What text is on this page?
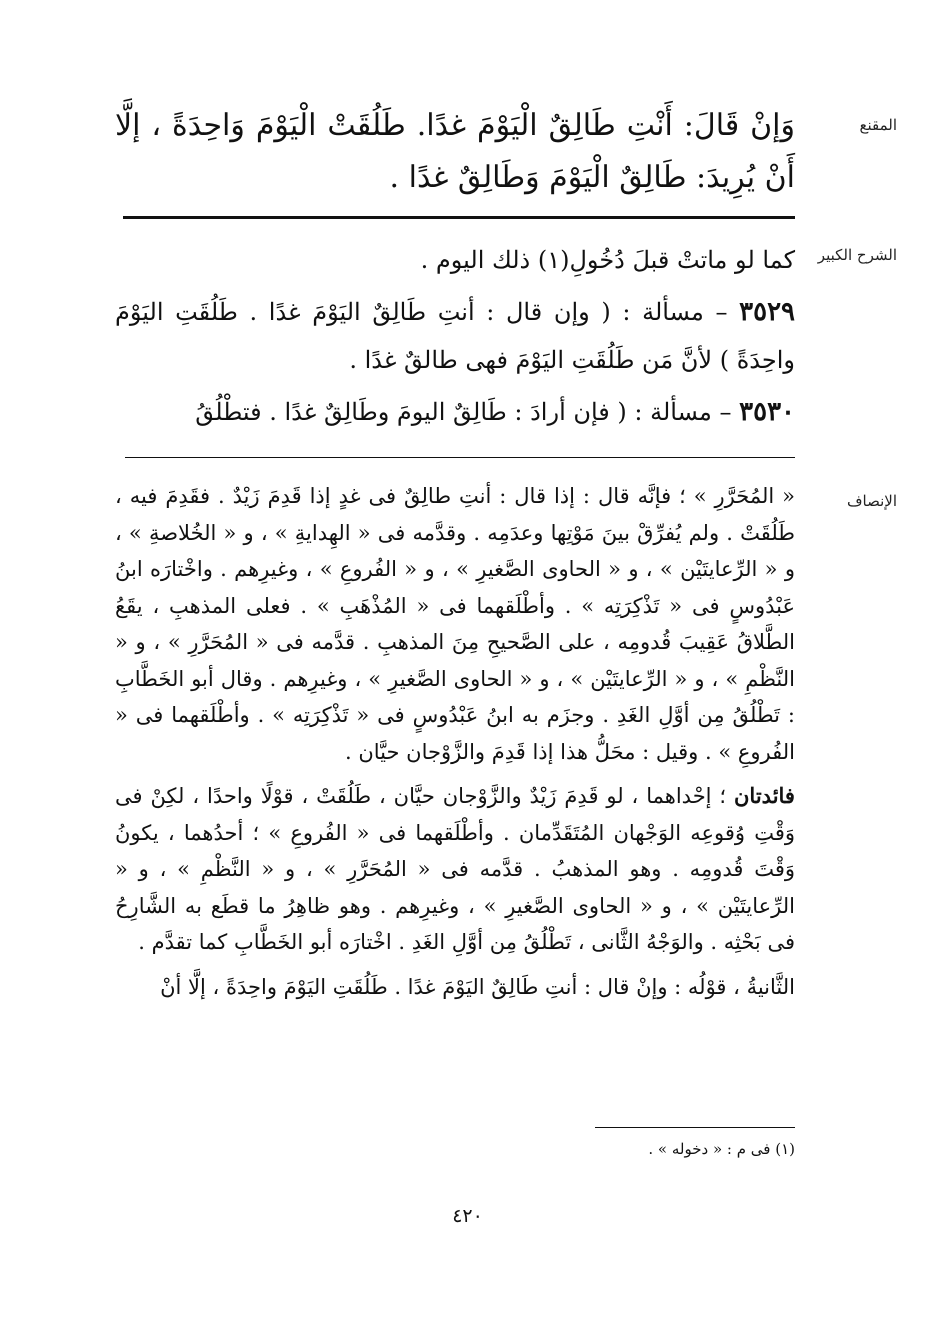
المقنع
وَإنْ قَالَ: أَنْتِ طَالِقٌ الْيَوْمَ غدًا. طَلُقَتْ الْيَوْمَ وَاحِدَةً ، إلَّا أَنْ يُرِيدَ: طَالِقٌ الْيَوْمَ وَطَالِقٌ غدًا .
الشرح الكبير

كما لو ماتتْ قبلَ دُخُولِ(١) ذلك اليوم .

٣٥٢٩ – مسألة : ( وإن قال : أنتِ طَالِقٌ اليَوْمَ غدًا . طَلُقَتِ اليَوْمَ واحِدَةً ) لأنَّ مَن طَلُقَتِ اليَوْمَ فهى طالقٌ غدًا .

٣٥٣٠ – مسألة : ( فإن أرادَ : طَالِقٌ اليومَ وطَالِقٌ غدًا . فتطْلُقُ

الإنصاف

« المُحَرَّرِ » ؛ فإنَّه قال : إذا قال : أنتِ طالِقٌ فى غدٍ إذا قَدِمَ زَيْدٌ . فقَدِمَ فيه ، طَلُقَتْ . ولم يُفرِّقْ بينَ مَوْتِها وعدَمِه . وقدَّمه فى « الهِدايةِ » ، و « الخُلاصةِ » ، و « الرِّعايتَيْن » ، و « الحاوى الصَّغيرِ » ، و « الفُروعِ » ، وغيرِهم . واخْتارَه ابنُ عَبْدُوسٍ فى « تَذْكِرَتِه » . وأطْلَقهما فى « المُذْهَبِ » . فعلى المذهبِ ، يقَعُ الطَّلاقُ عَقِيبَ قُدومِه ، على الصَّحيحِ مِنَ المذهبِ . قدَّمه فى « المُحَرَّرِ » ، و « النَّظْمِ » ، و « الرِّعايتَيْن » ، و « الحاوى الصَّغيرِ » ، وغيرِهم . وقال أبو الخَطَّابِ : تَطْلُقُ مِن أوَّلِ الغَدِ . وجزَم به ابنُ عَبْدُوسٍ فى « تَذْكِرَتِه » . وأطْلَقهما فى « الفُروعِ » . وقيل : محَلُّ هذا إذا قَدِمَ والزَّوْجان حيَّان .

فائدتان ؛ إحْداهما ، لو قَدِمَ زَيْدٌ والزَّوْجان حيَّان ، طَلُقَتْ ، قوْلًا واحدًا ، لكِنْ فى وَقْتِ وُقوعِه الوَجْهان المُتَقَدِّمان . وأطْلَقهما فى « الفُروعِ » ؛ أحدُهما ، يكونُ وَقْتَ قُدومِه . وهو المذهبُ . قدَّمه فى « المُحَرَّرِ » ، و « النَّظْمِ » ، و « الرِّعايتَيْن » ، و « الحاوى الصَّغيرِ » ، وغيرِهم . وهو ظاهِرُ ما قطَع به الشَّارِحُ فى بَحْثِه . والوَجْهُ الثَّانى ، تَطْلُقُ مِن أوَّلِ الغَدِ . اخْتارَه أبو الخَطَّابِ كما تقدَّم .

الثَّانيةُ ، قوْلُه : وإنْ قال : أنتِ طَالِقٌ اليَوْمَ غدًا . طَلُقَتِ اليَوْمَ واحِدَةً ، إلَّا أنْ

(١) فى م : « دخوله » .
٤٢٠
